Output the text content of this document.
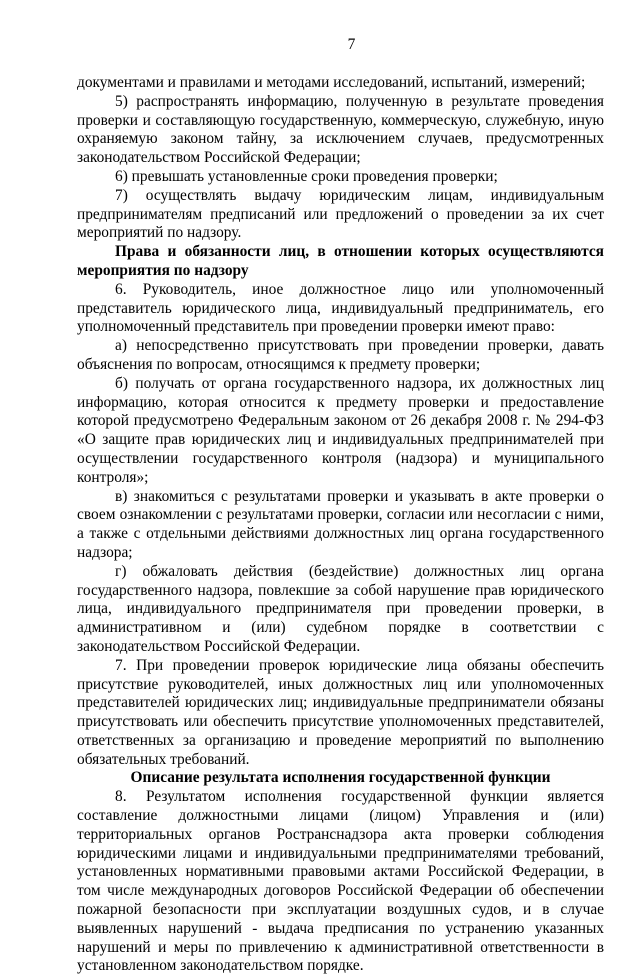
7

документами и правилами и методами исследований, испытаний, измерений;

5) распространять информацию, полученную в результате проведения проверки и составляющую государственную, коммерческую, служебную, иную охраняемую законом тайну, за исключением случаев, предусмотренных законодательством Российской Федерации;

6) превышать установленные сроки проведения проверки;

7) осуществлять выдачу юридическим лицам, индивидуальным предпринимателям предписаний или предложений о проведении за их счет мероприятий по надзору.

Права и обязанности лиц, в отношении которых осуществляются мероприятия по надзору

6. Руководитель, иное должностное лицо или уполномоченный представитель юридического лица, индивидуальный предприниматель, его уполномоченный представитель при проведении проверки имеют право:

а) непосредственно присутствовать при проведении проверки, давать объяснения по вопросам, относящимся к предмету проверки;

б) получать от органа государственного надзора, их должностных лиц информацию, которая относится к предмету проверки и предоставление которой предусмотрено Федеральным законом от 26 декабря 2008 г. № 294-ФЗ «О защите прав юридических лиц и индивидуальных предпринимателей при осуществлении государственного контроля (надзора) и муниципального контроля»;

в) знакомиться с результатами проверки и указывать в акте проверки о своем ознакомлении с результатами проверки, согласии или несогласии с ними, а также с отдельными действиями должностных лиц органа государственного надзора;

г) обжаловать действия (бездействие) должностных лиц органа государственного надзора, повлекшие за собой нарушение прав юридического лица, индивидуального предпринимателя при проведении проверки, в административном и (или) судебном порядке в соответствии с законодательством Российской Федерации.

7. При проведении проверок юридические лица обязаны обеспечить присутствие руководителей, иных должностных лиц или уполномоченных представителей юридических лиц; индивидуальные предприниматели обязаны присутствовать или обеспечить присутствие уполномоченных представителей, ответственных за организацию и проведение мероприятий по выполнению обязательных требований.

Описание результата исполнения государственной функции

8. Результатом исполнения государственной функции является составление должностными лицами (лицом) Управления и (или) территориальных органов Ространснадзора акта проверки соблюдения юридическими лицами и индивидуальными предпринимателями требований, установленных нормативными правовыми актами Российской Федерации, в том числе международных договоров Российской Федерации об обеспечении пожарной безопасности при эксплуатации воздушных судов, и в случае выявленных нарушений - выдача предписания по устранению указанных нарушений и меры по привлечению к административной ответственности в установленном законодательством порядке.
